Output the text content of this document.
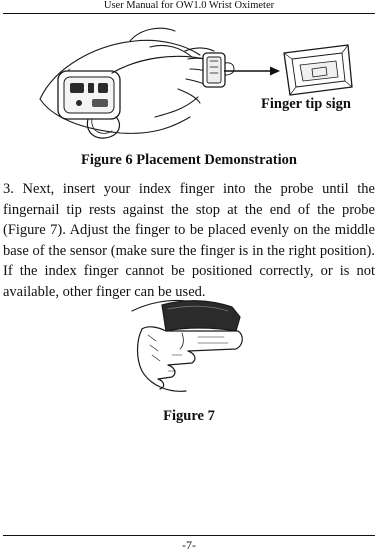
User Manual for OW1.0 Wrist Oximeter
Finger tip sign
Figure 6 Placement Demonstration
3. Next, insert your index finger into the probe until the fingernail tip rests against the stop at the end of the probe (Figure 7). Adjust the finger to be placed evenly on the middle base of the sensor (make sure the finger is in the right position). If the index finger cannot be positioned correctly, or is not available, other finger can be used.
Figure 7
-7-
